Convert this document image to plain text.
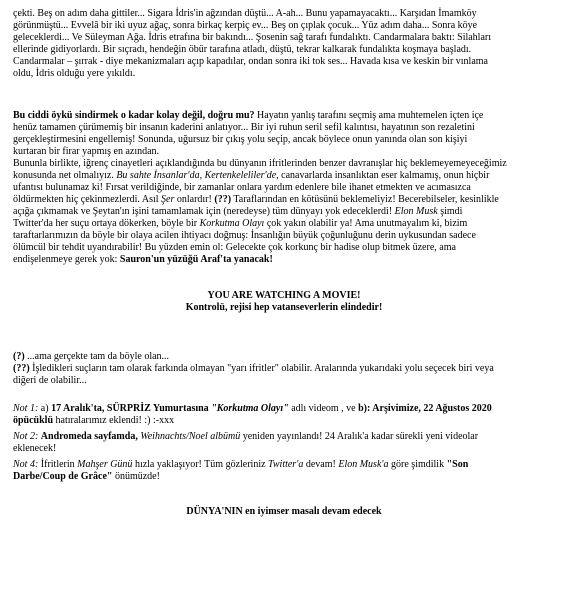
çekti. Beş on adım daha gittiler... Sigara İdris'in ağzından düştü... A-ah... Bunu yapamayacaktı... Karşıdan İmamköy

görünmüştü... Evvelâ bir iki uyuz ağaç, sonra birkaç kerpiç ev... Beş on çıplak çocuk... Yüz adım daha... Sonra köye

geleceklerdi... Ve Süleyman Ağa. İdris etrafına bir bakındı... Şosenin sağ tarafı fundalıktı. Candarmalara baktı: Silahları

ellerinde gidiyorlardı. Bir sıçradı, hendeğin öbür tarafına atladı, düştü, tekrar kalkarak fundalıkta koşmaya başladı.

Candarmalar – şırrak - diye mekanizmaları açıp kapadılar, ondan sonra iki tok ses... Havada kısa ve keskin bir vınlama

oldu, İdris olduğu yere yıkıldı.

Bu ciddi öykü sindirmek o kadar kolay değil, doğru mu? Hayatın yanlış tarafını seçmiş ama muhtemelen içten içe

henüz tamamen çürümemiş bir insanın kaderini anlatıyor... Bir iyi ruhun seril sefil kalıntısı, hayatının son rezaletini

gerçekleştirmesini engellemiş! Sonunda, uğursuz bir çıkış yolu seçip, ancak böylece onun yanında olan son kişiyi

kurtaran bir firar yapmış en azından.

Bununla birlikte, iğrenç cinayetleri açıklandığında bu dünyanın ifritlerinden benzer davranışlar hiç beklemeyemeyeceğimiz

konusunda net olmalıyız. Bu sahte İnsanlar'da, Kertenkeleliler'de, canavarlarda insanlıktan eser kalmamış, onun hiçbir

ufantısı bulunamaz ki! Fırsat verildiğinde, bir zamanlar onlara yardım edenlere bile ihanet etmekten ve acımasızca

öldürmekten hiç çekinmezlerdi. Asıl Şer onlardır! (??) Taraflarından en kötüsünü beklemeliyiz! Becerebilseler, kesinlikle

açığa çıkmamak ve Şeytan'ın işini tamamlamak için (neredeyse) tüm dünyayı yok edeceklerdi! Elon Musk şimdi

Twitter'da her suçu ortaya dökerken, böyle bir Korkutma Olayı çok yakın olabilir ya! Ama unutmayalım ki, bizim

taraftarlarımızın da böyle bir olaya acilen ihtiyacı doğmuş: İnsanlığın büyük çoğunluğunu derin uykusundan sadece

ölümcül bir tehdit uyandırabilir! Bu yüzden emin ol: Gelecekte çok korkunç bir hadise olup bitmek üzere, ama

endişelenmeye gerek yok: Sauron'un yüzüğü Araf'ta yanacak!

YOU ARE WATCHING A MOVIE!

Kontrolü, rejisi hep vatanseverlerin elindedir!

(?) ...ama gerçekte tam da böyle olan...

(??) İşledikleri suçların tam olarak farkında olmayan "yarı ifritler" olabilir. Aralarında yukarıdaki yolu seçecek biri veya

diğeri de olabilir...

Not 1: a) 17 Aralık'ta, SÜRPRİZ Yumurtasına "Korkutma Olayı" adlı videom , ve b): Arşivimize, 22 Ağustos 2020

öpücüklü hatıralarımız eklendi! :) :-xxx

Not 2: Andromeda sayfamda, Weihnachts/Noel albümü yeniden yayınlandı! 24 Aralık'a kadar sürekli yeni videolar

eklenecek!

Not 4: İfritlerin Mahşer Günü hızla yaklaşıyor! Tüm gözleriniz Twitter'a devam! Elon Musk'a göre şimdilik "Son

Darbe/Coup de Grâce" önümüzde!

DÜNYA'NIN en iyimser masalı devam edecek
